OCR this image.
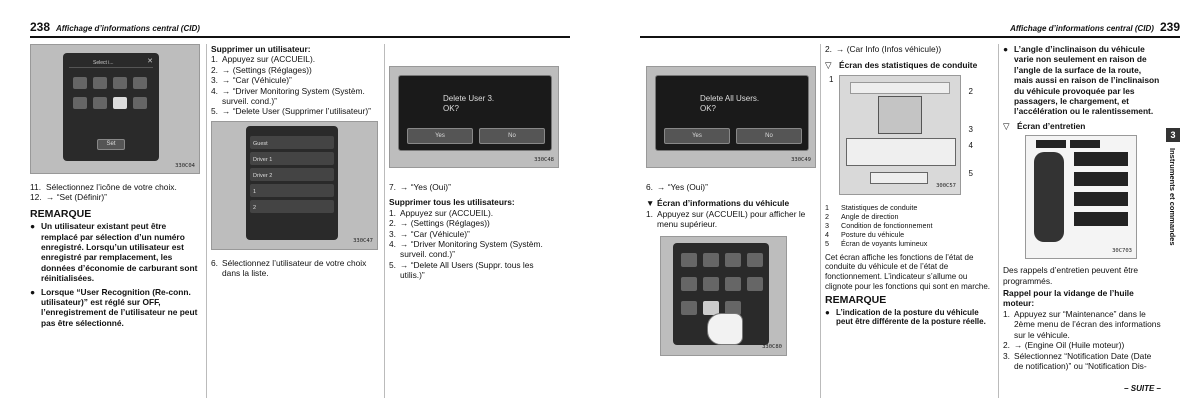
238 Affichage d’informations central (CID)
Select i...	✕
Set
330C04
11. Sélectionnez l’icône de votre choix.
12. → “Set (Définir)”
REMARQUE
● Un utilisateur existant peut être remplacé par sélection d’un numéro enregistré. Lorsqu’un utilisateur est enregistré par remplacement, les données d’économie de carburant sont réinitialisées.
● Lorsque “User Recognition (Re-conn. utilisateur)” est réglé sur OFF, l’enregistrement de l’utilisateur ne peut pas être sélectionné.

Supprimer un utilisateur:

1. Appuyez sur (ACCUEIL).
2. → (Settings (Réglages))
3. → “Car (Véhicule)”
4. → “Driver Monitoring System (Systèm. surveil. cond.)”
5. → “Delete User (Supprimer l’utilisateur)”
Guest
Driver 1
Driver 2
1
2
330C47
6. Sélectionnez l’utilisateur de votre choix dans la liste.
Delete User 3.
OK?
Yes	No
330C48
7. → “Yes (Oui)”

Supprimer tous les utilisateurs:

1. Appuyez sur (ACCUEIL).
2. → (Settings (Réglages))
3. → “Car (Véhicule)”
4. → “Driver Monitoring System (Systèm. surveil. cond.)”
5. → “Delete All Users (Suppr. tous les utilis.)”
Affichage d’informations central (CID) 239
Delete All Users.
OK?
Yes	No
330C49
6. → “Yes (Oui)”

▼ Écran d’informations du véhicule

1. Appuyez sur (ACCUEIL) pour afficher le menu supérieur.
330C80
2. → (Car Info (Infos véhicule))

▽ Écran des statistiques de conduite

300C57
1
2
3
4
5
1	Statistiques de conduite
2	Angle de direction
3	Condition de fonctionnement
4	Posture du véhicule
5	Écran de voyants lumineux

Cet écran affiche les fonctions de l’état de conduite du véhicule et de l’état de fonctionnement. L’indicateur s’allume ou clignote pour les fonctions qui sont en marche.

REMARQUE
● L’indication de la posture du véhicule peut être différente de la posture réelle.
● L’angle d’inclinaison du véhicule varie non seulement en raison de l’angle de la surface de la route, mais aussi en raison de l’inclinaison du véhicule provoquée par les passagers, le chargement, et l’accélération ou le ralentissement.

▽ Écran d’entretien

30C703

Des rappels d’entretien peuvent être programmés.

Rappel pour la vidange de l’huile moteur:

1. Appuyez sur “Maintenance” dans le 2ème menu de l’écran des informations sur le véhicule.
2. → (Engine Oil (Huile moteur))
3. Sélectionnez “Notification Date (Date de notification)” ou “Notification Dis-

– SUITE –

3
Instruments et commandes
